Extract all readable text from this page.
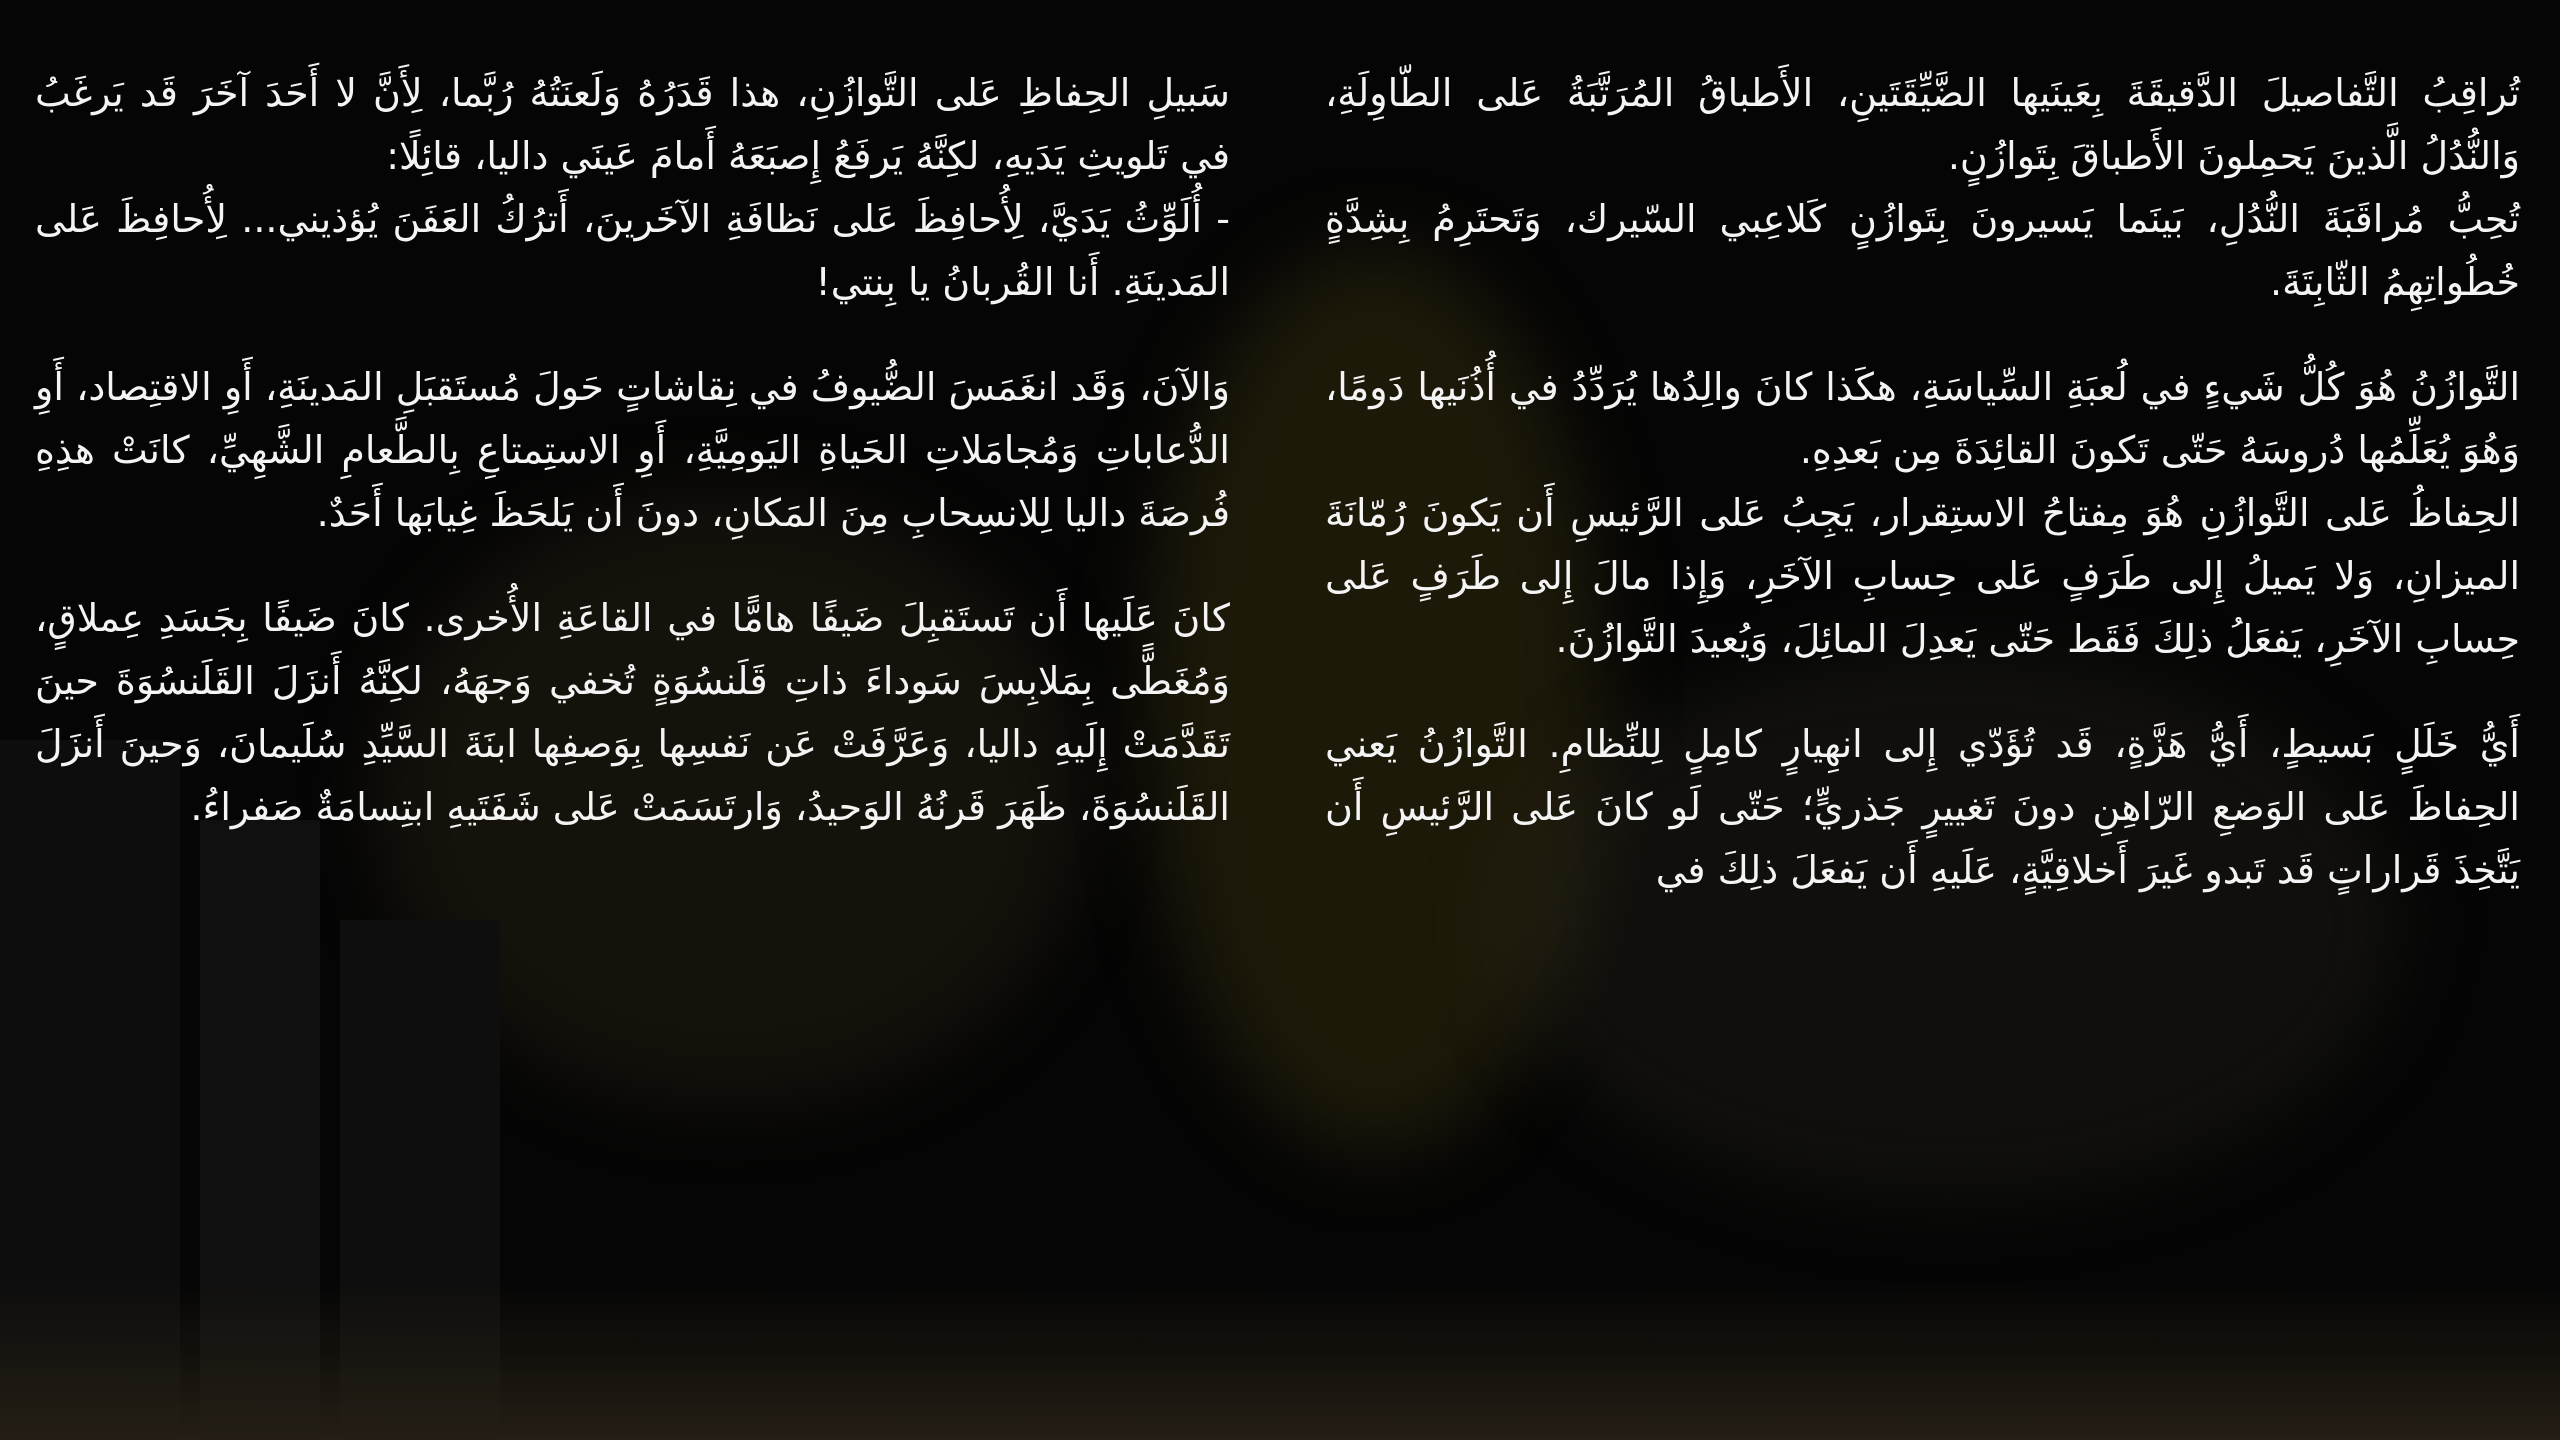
تُراقِبُ التَّفاصيلَ الدَّقيقَةَ بِعَينَيها الضَّيِّقَتَينِ، الأَطباقُ المُرَتَّبَةُ عَلى الطّاوِلَةِ، وَالنُّدُلُ الَّذينَ يَحمِلونَ الأَطباقَ بِتَوازُنٍ.

تُحِبُّ مُراقَبَةَ النُّدُلِ، بَينَما يَسيرونَ بِتَوازُنٍ كَلاعِبي السّيرك، وَتَحتَرِمُ بِشِدَّةٍ خُطُواتِهِمُ الثّابِتَةَ.

التَّوازُنُ هُوَ كُلُّ شَيءٍ في لُعبَةِ السِّياسَةِ، هكَذا كانَ والِدُها يُرَدِّدُ في أُذُنَيها دَومًا، وَهُوَ يُعَلِّمُها دُروسَهُ حَتّى تَكونَ القائِدَةَ مِن بَعدِهِ.

الحِفاظُ عَلى التَّوازُنِ هُوَ مِفتاحُ الاستِقرار، يَجِبُ عَلى الرَّئيسِ أَن يَكونَ رُمّانَةَ الميزانِ، وَلا يَميلُ إِلى طَرَفٍ عَلى حِسابِ الآخَرِ، وَإِذا مالَ إِلى طَرَفٍ عَلى حِسابِ الآخَرِ، يَفعَلُ ذلِكَ فَقَط حَتّى يَعدِلَ المائِلَ، وَيُعيدَ التَّوازُنَ.

أَيُّ خَلَلٍ بَسيطٍ، أَيُّ هَزَّةٍ، قَد تُؤَدّي إِلى انهِيارٍ كامِلٍ لِلنِّظامِ. التَّوازُنُ يَعني الحِفاظَ عَلى الوَضعِ الرّاهِنِ دونَ تَغييرٍ جَذريٍّ؛ حَتّى لَو كانَ عَلى الرَّئيسِ أَن يَتَّخِذَ قَراراتٍ قَد تَبدو غَيرَ أَخلاقِيَّةٍ، عَلَيهِ أَن يَفعَلَ ذلِكَ في

سَبيلِ الحِفاظِ عَلى التَّوازُنِ، هذا قَدَرُهُ وَلَعنَتُهُ رُبَّما، لِأَنَّ لا أَحَدَ آخَرَ قَد يَرغَبُ في تَلويثِ يَدَيهِ، لكِنَّهُ يَرفَعُ إِصبَعَهُ أَمامَ عَينَي داليا، قائِلًا:

- أُلَوِّثُ يَدَيَّ، لِأُحافِظَ عَلى نَظافَةِ الآخَرينَ، أَترُكُ العَفَنَ يُؤذيني... لِأُحافِظَ عَلى المَدينَةِ. أَنا القُربانُ يا بِنتي!

وَالآنَ، وَقَد انغَمَسَ الضُّيوفُ في نِقاشاتٍ حَولَ مُستَقبَلِ المَدينَةِ، أَوِ الاقتِصاد، أَوِ الدُّعاباتِ وَمُجامَلاتِ الحَياةِ اليَومِيَّةِ، أَوِ الاستِمتاعِ بِالطَّعامِ الشَّهِيِّ، كانَتْ هذِهِ فُرصَةَ داليا لِلانسِحابِ مِنَ المَكانِ، دونَ أَن يَلحَظَ غِيابَها أَحَدٌ.

كانَ عَلَيها أَن تَستَقبِلَ ضَيفًا هامًّا في القاعَةِ الأُخرى. كانَ ضَيفًا بِجَسَدِ عِملاقٍ، وَمُغَطًّى بِمَلابِسَ سَوداءَ ذاتِ قَلَنسُوَةٍ تُخفي وَجهَهُ، لكِنَّهُ أَنزَلَ القَلَنسُوَةَ حينَ تَقَدَّمَتْ إِلَيهِ داليا، وَعَرَّفَتْ عَن نَفسِها بِوَصفِها ابنَةَ السَّيِّدِ سُلَيمانَ، وَحينَ أَنزَلَ القَلَنسُوَةَ، ظَهَرَ قَرنُهُ الوَحيدُ، وَارتَسَمَتْ عَلى شَفَتَيهِ ابتِسامَةٌ صَفراءُ.
